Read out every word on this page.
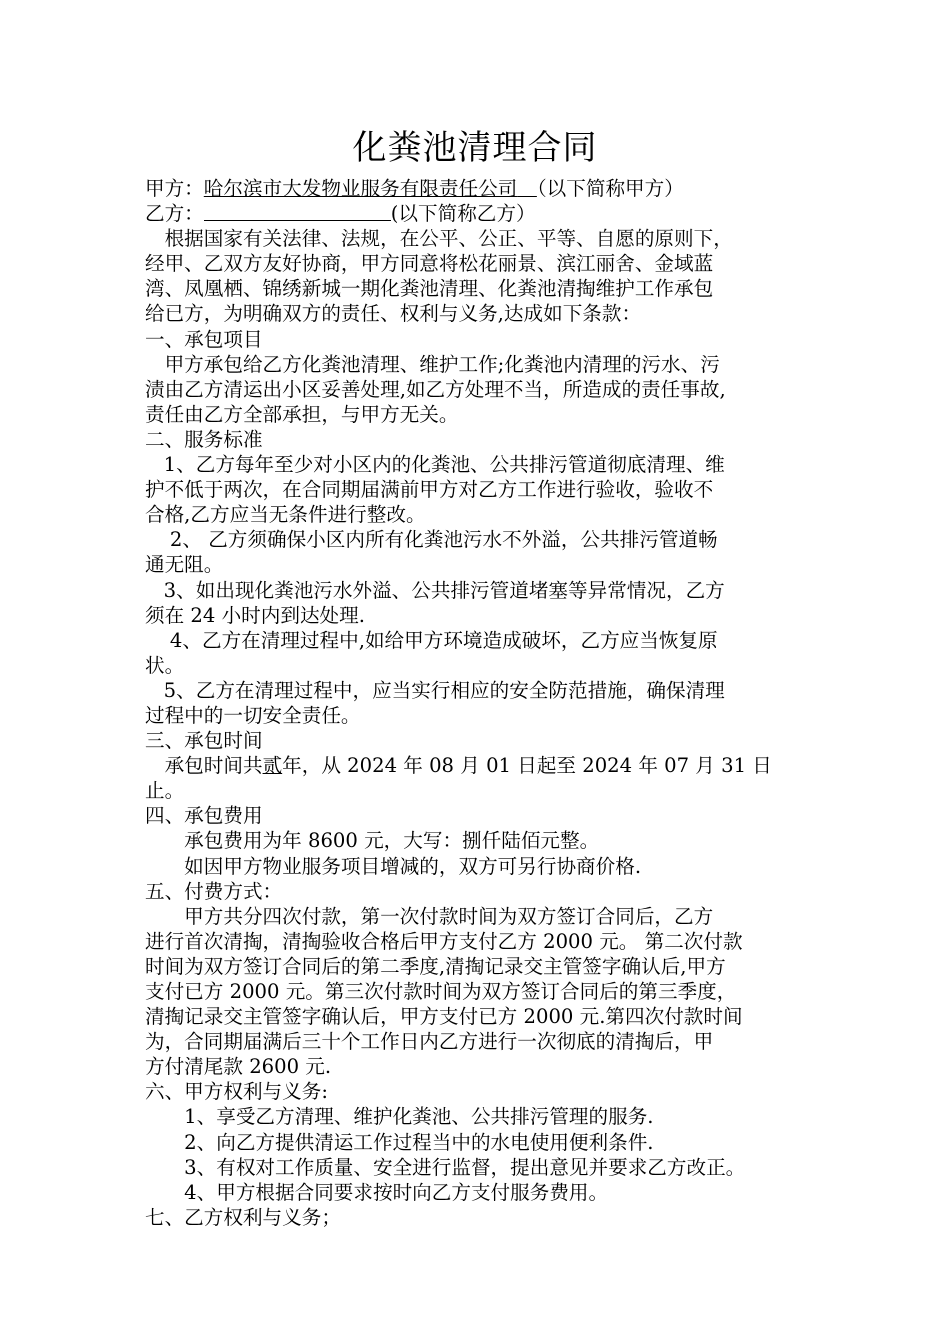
化粪池清理合同

甲方：哈尔滨市大发物业服务有限责任公司　 （以下简称甲方）

乙方：	(以下简称乙方）

　根据国家有关法律、法规，在公平、公正、平等、自愿的原则下，

经甲、乙双方友好协商，甲方同意将松花丽景、滨江丽舍、金域蓝

湾、凤凰栖、锦绣新城一期化粪池清理、化粪池清掏维护工作承包

给已方，为明确双方的责任、权利与义务,达成如下条款：

一、承包项目

　甲方承包给乙方化粪池清理、维护工作;化粪池内清理的污水、污

渍由乙方清运出小区妥善处理,如乙方处理不当，所造成的责任事故,

责任由乙方全部承担，与甲方无关。

二、服务标准

1、乙方每年至少对小区内的化粪池、公共排污管道彻底清理、维

护不低于两次，在合同期届满前甲方对乙方工作进行验收，验收不

合格,乙方应当无条件进行整改。

2、 乙方须确保小区内所有化粪池污水不外溢，公共排污管道畅

通无阻。

3、如出现化粪池污水外溢、公共排污管道堵塞等异常情况，乙方

须在 24 小时内到达处理.

4、乙方在清理过程中,如给甲方环境造成破坏，乙方应当恢复原

状。

5、乙方在清理过程中，应当实行相应的安全防范措施，确保清理

过程中的一切安全责任。

三、承包时间

　承包时间共贰年，从 2024 年 08 月 01 日起至 2024 年 07 月 31 日

止。

四、承包费用

　　承包费用为年 8600 元，大写：捌仟陆佰元整。

　　如因甲方物业服务项目增减的，双方可另行协商价格.

五、付费方式：

　　甲方共分四次付款，第一次付款时间为双方签订合同后，乙方

进行首次清掏，清掏验收合格后甲方支付乙方 2000 元。 第二次付款

时间为双方签订合同后的第二季度,清掏记录交主管签字确认后,甲方

支付已方 2000 元。第三次付款时间为双方签订合同后的第三季度，

清掏记录交主管签字确认后，甲方支付已方 2000 元.第四次付款时间

为，合同期届满后三十个工作日内乙方进行一次彻底的清掏后，甲

方付清尾款 2600 元.

六、甲方权利与义务:

　　1、享受乙方清理、维护化粪池、公共排污管理的服务.

　　2、向乙方提供清运工作过程当中的水电使用便利条件.

　　3、有权对工作质量、安全进行监督，提出意见并要求乙方改正。

　　4、甲方根据合同要求按时向乙方支付服务费用。

七、乙方权利与义务；
